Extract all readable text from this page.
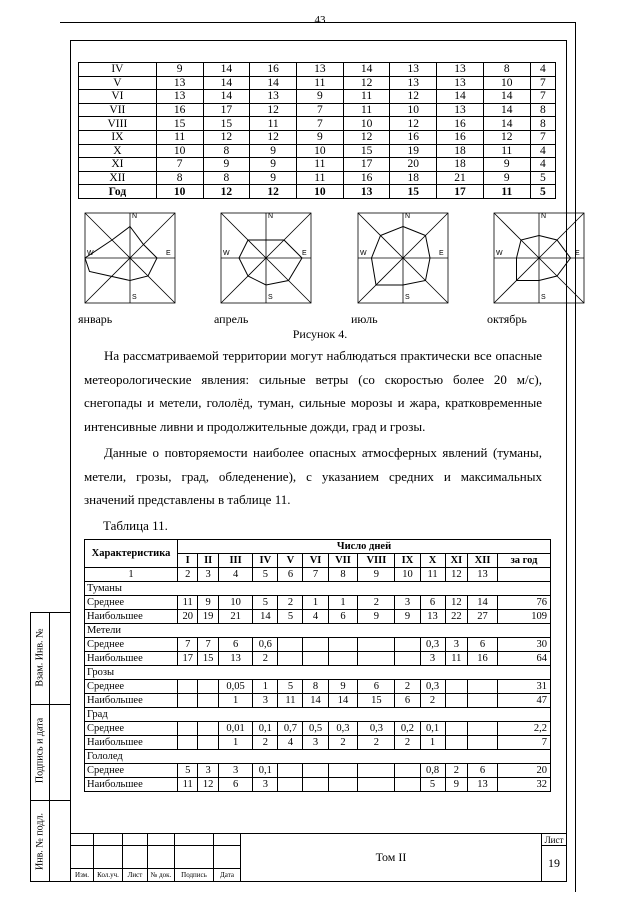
43
IV	9	14	16	13	14	13	13	8	4
V	13	14	14	11	12	13	13	10	7
VI	13	14	13	9	11	12	14	14	7
VII	16	17	12	7	11	10	13	14	8
VIII	15	15	11	7	10	12	16	14	8
IX	11	12	12	9	12	16	16	12	7
X	10	8	9	10	15	19	18	11	4
XI	7	9	9	11	17	20	18	9	4
XII	8	8	9	11	16	18	21	9	5
Год	10	12	12	10	13	15	17	11	5
N
S
W	E
январь
N
S
W	E
апрель
N
S
W	E
июль
N
S
W	E
октябрь
Рисунок 4.
На рассматриваемой территории могут наблюдаться практически все опасные метеорологические явления: сильные ветры (со скоростью более 20 м/с), снегопады и метели, гололёд, туман, сильные морозы и жара, кратковременные интенсивные ливни и продолжительные дожди, град и грозы.
Данные о повторяемости наиболее опасных атмосферных явлений (туманы, метели, грозы, град, обледенение), с указанием средних и максимальных значений представлены в таблице 11.
Таблица 11.
Характеристика	Число дней												
	I	II	III	IV	V	VI	VII	VIII	IX	X	XI	XII	за год
1	2	3	4	5	6	7	8	9	10	11	12	13	
Туманы													
Среднее	11	9	10	5	2	1	1	2	3	6	12	14	76
Наибольшее	20	19	21	14	5	4	6	9	9	13	22	27	109
Метели													
Среднее	7	7	6	0,6						0,3	3	6	30
Наибольшее	17	15	13	2						3	11	16	64
Грозы													
Среднее			0,05	1	5	8	9	6	2	0,3			31
Наибольшее			1	3	11	14	14	15	6	2			47
Град													
Среднее			0,01	0,1	0,7	0,5	0,3	0,3	0,2	0,1			2,2
Наибольшее			1	2	4	3	2	2	2	1			7
Гололед													
Среднее	5	3	3	0,1						0,8	2	6	20
Наибольшее	11	12	6	3						5	9	13	32
Взам. Инв. №
Подпись и дата
Инв. № подл.
							Том II	Лист
							19
Изм.	Кол.уч.	Лист	№ док.	Подпись	Дата		
